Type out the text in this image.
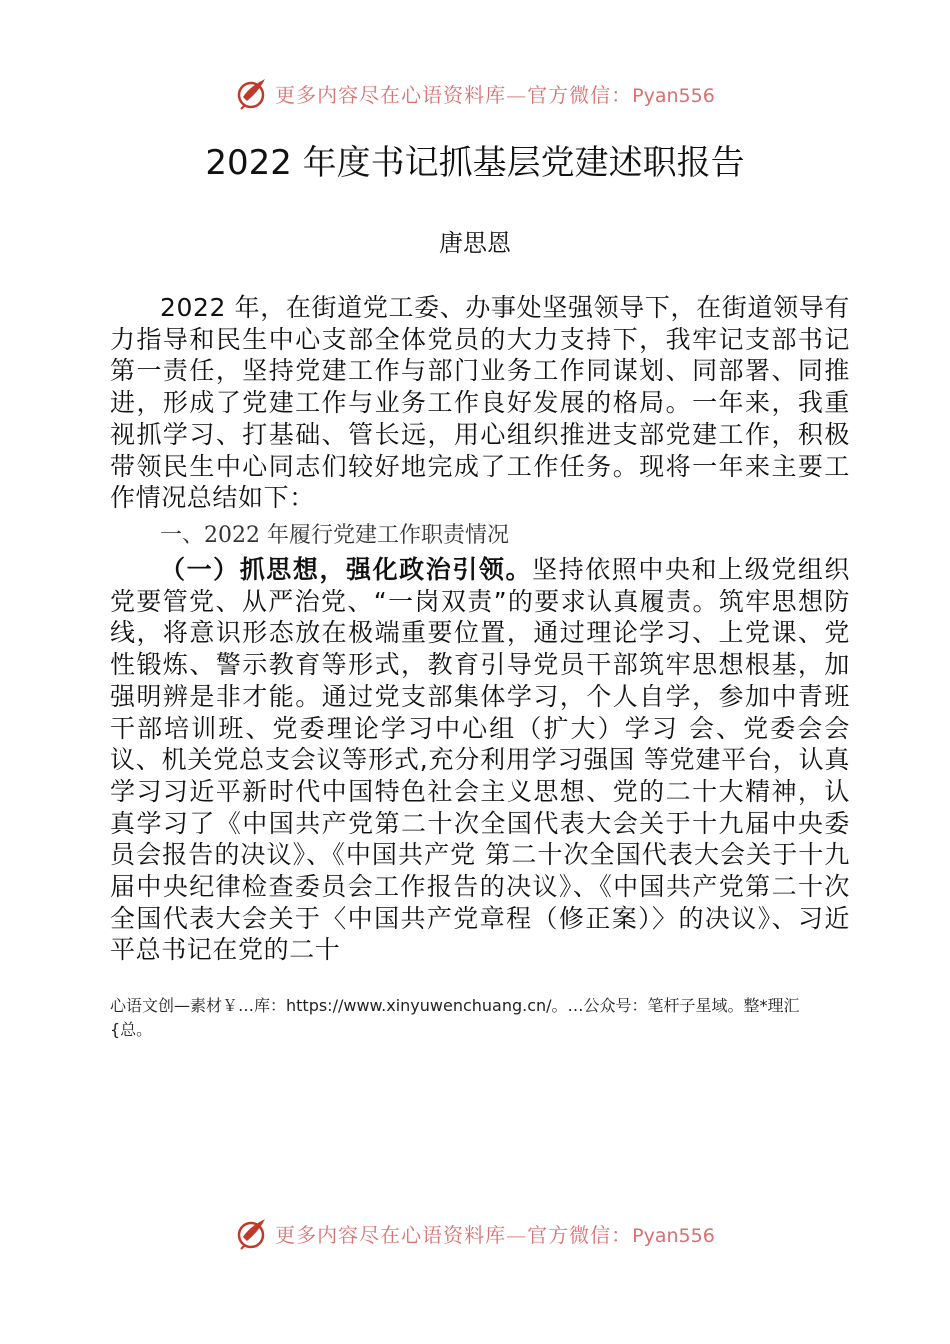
更多内容尽在心语资料库—官方微信：Pyan556
2022 年度书记抓基层党建述职报告
唐思恩
2022 年，在街道党工委、办事处坚强领导下，在街道领导有力指导和民生中心支部全体党员的大力支持下，我牢记支部书记第一责任，坚持党建工作与部门业务工作同谋划、同部署、同推进，形成了党建工作与业务工作良好发展的格局。一年来，我重视抓学习、打基础、管长远，用心组织推进支部党建工作，积极带领民生中心同志们较好地完成了工作任务。现将一年来主要工作情况总结如下：
一、2022 年履行党建工作职责情况
（一）抓思想，强化政治引领。坚持依照中央和上级党组织党要管党、从严治党、“一岗双责”的要求认真履责。筑牢思想防线，将意识形态放在极端重要位置，通过理论学习、上党课、党性锻炼、警示教育等形式，教育引导党员干部筑牢思想根基，加强明辨是非才能。通过党支部集体学习，个人自学，参加中青班干部培训班、党委理论学习中心组（扩大）学习 会、党委会会议、机关党总支会议等形式,充分利用学习强国 等党建平台，认真学习习近平新时代中国特色社会主义思想、党的二十大精神，认真学习了《中国共产党第二十次全国代表大会关于十九届中央委员会报告的决议》、《中国共产党 第二十次全国代表大会关于十九届中央纪律检查委员会工作报告的决议》、《中国共产党第二十次全国代表大会关于〈中国共产党章程（修正案）〉的决议》、习近平总书记在党的二十
心语文创—素材￥…库：https://www.xinyuwenchuang.cn/。…公众号：笔杆子星域。整*理汇{总。
更多内容尽在心语资料库—官方微信：Pyan556
